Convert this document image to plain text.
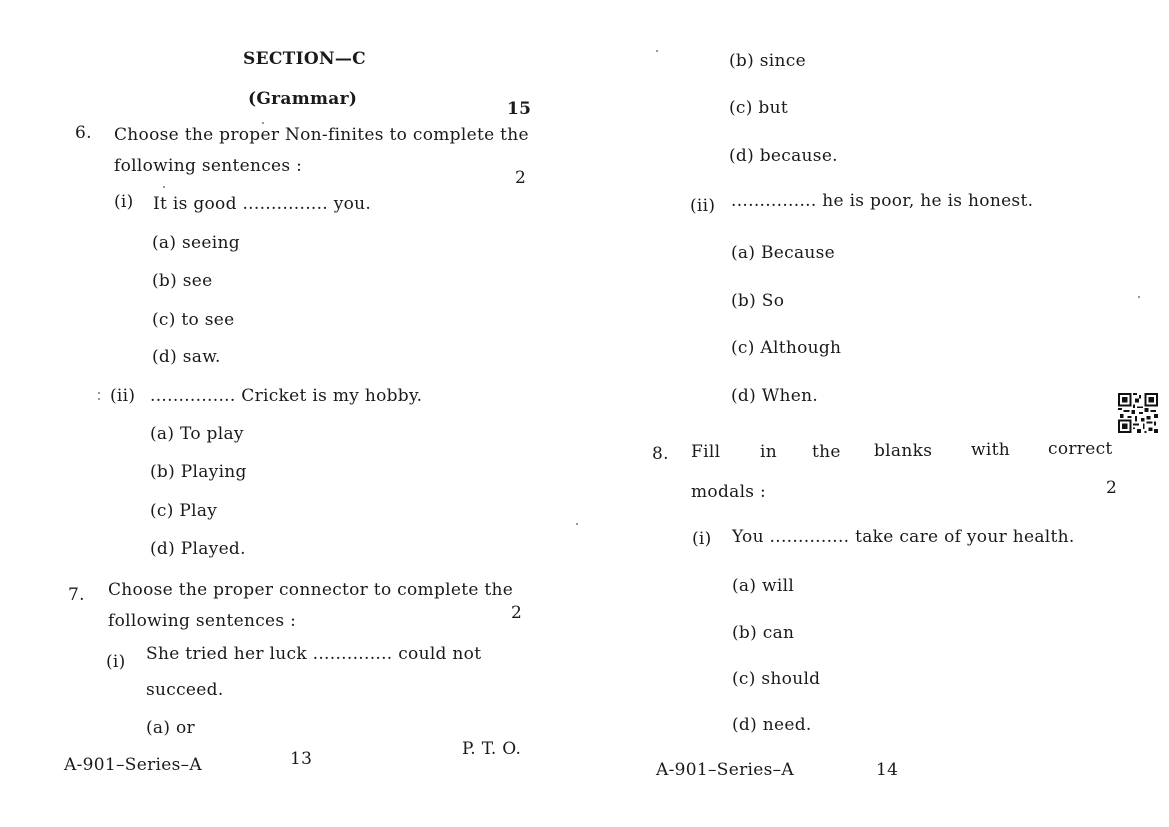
SECTION—C
(Grammar)	15
6. Choose the proper Non-finites to complete the
following sentences :
2
(i) It is good ............... you.
(a) seeing
(b) see
(c) to see
(d) saw.
(ii) ............... Cricket is my hobby.
(a) To play
(b) Playing
(c) Play
(d) Played.
7. Choose the proper connector to complete the
following sentences :	2
(i) She tried her luck .............. could not
succeed.
(a) or
A-901–Series–A	13	P. T. O.
(b) since
(c) but
(d) because.
(ii) ............... he is poor, he is honest.
(a) Because
(b) So
(c) Although
(d) When.
8. Fill in the blanks with correct
modals :	2
(i) You .............. take care of your health.
(a) will
(b) can
(c) should
(d) need.
A-901–Series–A	14
